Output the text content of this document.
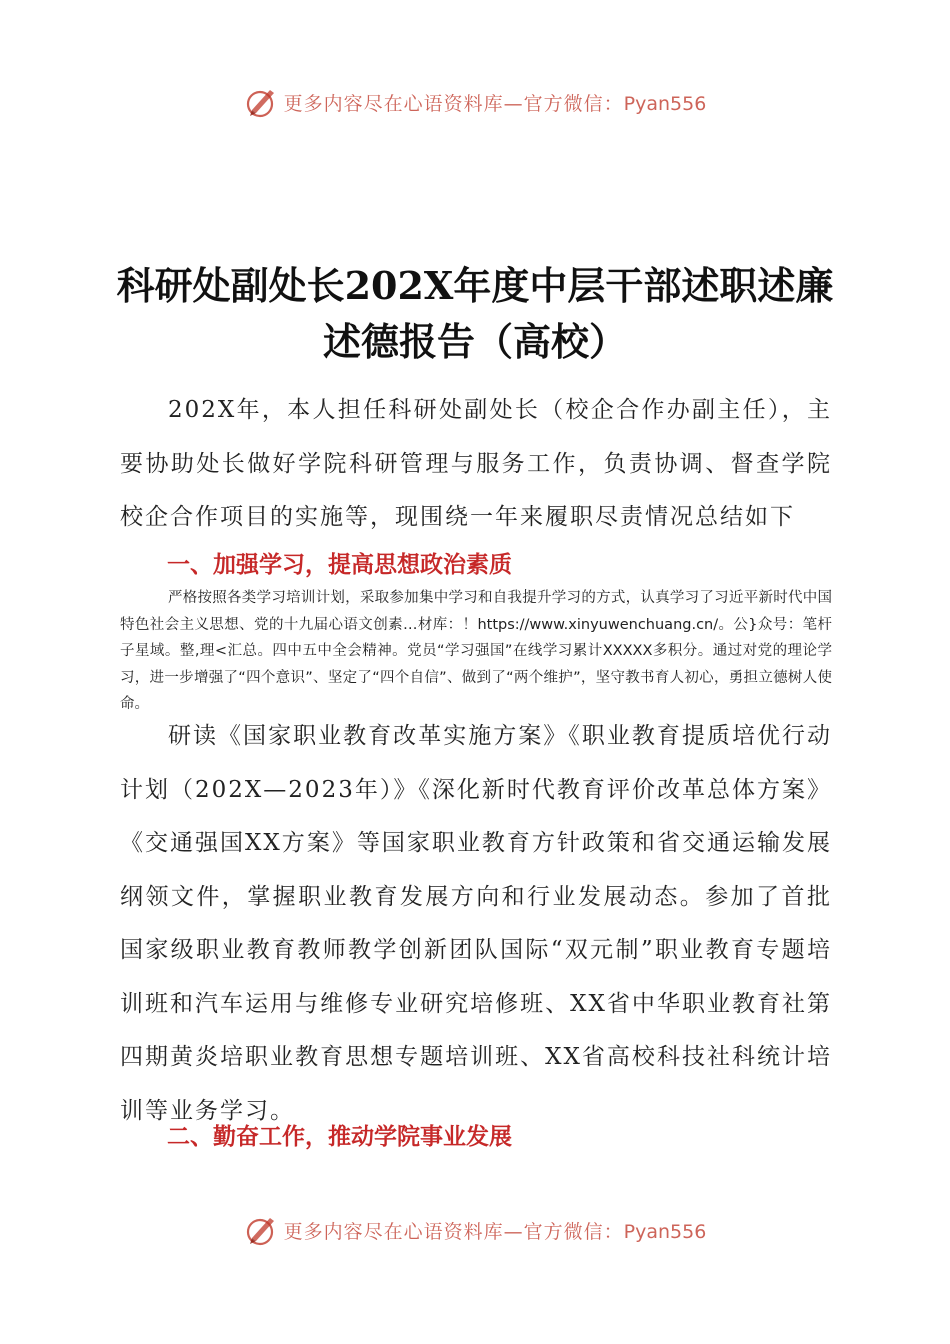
更多内容尽在心语资料库—官方微信：Pyan556
科研处副处长202X年度中层干部述职述廉述德报告（高校）

202X年，本人担任科研处副处长（校企合作办副主任），主要协助处长做好学院科研管理与服务工作，负责协调、督查学院校企合作项目的实施等，现围绕一年来履职尽责情况总结如下

一、加强学习，提高思想政治素质

严格按照各类学习培训计划，采取参加集中学习和自我提升学习的方式，认真学习了习近平新时代中国特色社会主义思想、党的十九届心语文创素…材库：！https://www.xinyuwenchuang.cn/。公}众号：笔杆子星域。整,理<汇总。四中五中全会精神。党员“学习强国”在线学习累计XXXXX多积分。通过对党的理论学习，进一步增强了“四个意识”、坚定了“四个自信”、做到了“两个维护”，坚守教书育人初心，勇担立德树人使命。

研读《国家职业教育改革实施方案》《职业教育提质培优行动计划（202X—2023年）》《深化新时代教育评价改革总体方案》《交通强国XX方案》等国家职业教育方针政策和省交通运输发展纲领文件，掌握职业教育发展方向和行业发展动态。参加了首批国家级职业教育教师教学创新团队国际“双元制”职业教育专题培训班和汽车运用与维修专业研究培修班、XX省中华职业教育社第四期黄炎培职业教育思想专题培训班、XX省高校科技社科统计培训等业务学习。

二、勤奋工作，推动学院事业发展
更多内容尽在心语资料库—官方微信：Pyan556
